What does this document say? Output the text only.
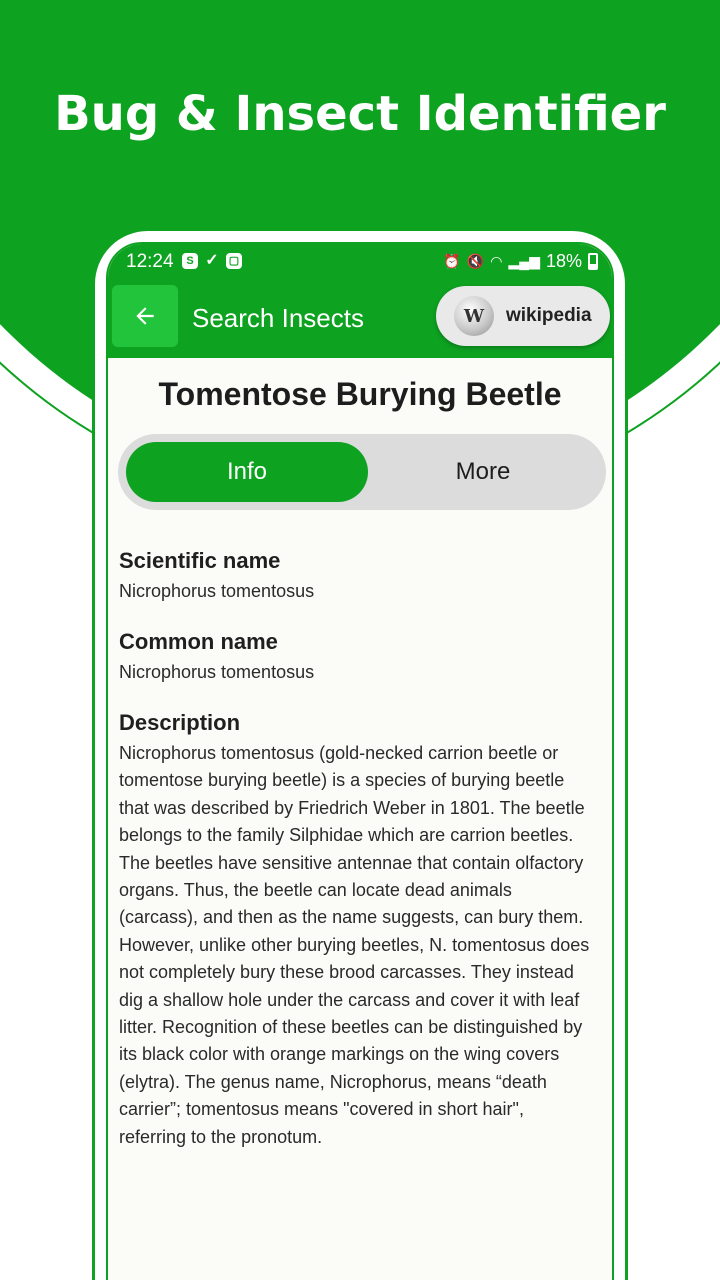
Bug & Insect Identifier
12:24	S ✓ ▢	⏰ 🔇 ◠ ▂▄▆ 18%
Search Insects	W	wikipedia
Tomentose Burying Beetle
Info	More
Scientific name
Nicrophorus tomentosus
Common name
Nicrophorus tomentosus
Description
Nicrophorus tomentosus (gold-necked carrion beetle or tomentose burying beetle) is a species of burying beetle that was described by Friedrich Weber in 1801. The beetle belongs to the family Silphidae which are carrion beetles. The beetles have sensitive antennae that contain olfactory organs. Thus, the beetle can locate dead animals (carcass), and then as the name suggests, can bury them. However, unlike other burying beetles, N. tomentosus does not completely bury these brood carcasses. They instead dig a shallow hole under the carcass and cover it with leaf litter. Recognition of these beetles can be distinguished by its black color with orange markings on the wing covers (elytra). The genus name, Nicrophorus, means “death carrier”; tomentosus means "covered in short hair", referring to the pronotum.
